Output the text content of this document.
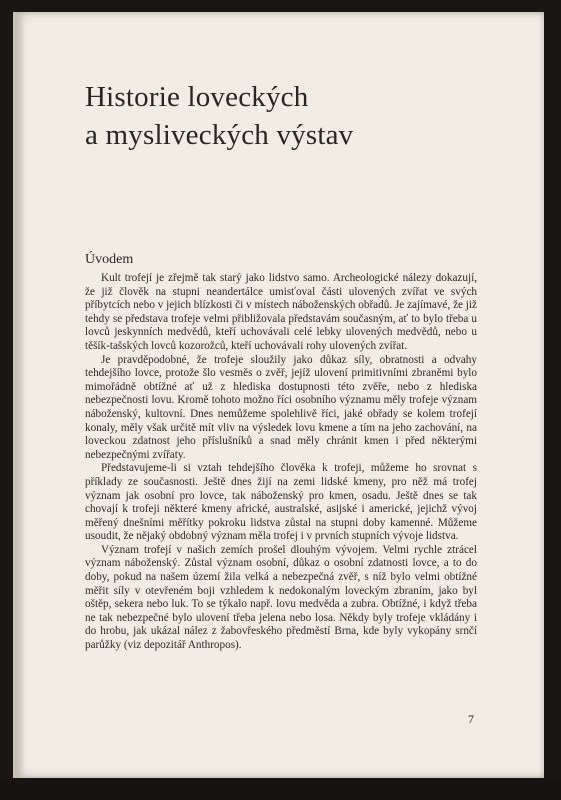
Historie loveckých
a mysliveckých výstav
Úvodem

Kult trofejí je zřejmě tak starý jako lidstvo samo. Archeologické nálezy dokazují, že již člověk na stupni neandertálce umisťoval části ulovených zvířat ve svých příbytcích nebo v jejich blízkosti či v místech náboženských obřadů. Je zajímavé, že již tehdy se představa trofeje velmi přibližovala představám současným, ať to bylo třeba u lovců jeskynních medvědů, kteří uchovávali celé lebky ulovených medvědů, nebo u těšík-tašských lovců kozorožců, kteří uchovávali rohy ulovených zvířat.

Je pravděpodobné, že trofeje sloužily jako důkaz síly, obratnosti a odvahy tehdejšího lovce, protože šlo vesměs o zvěř, jejíž ulovení primitivními zbraněmi bylo mimořádně obtížné ať už z hlediska dostupnosti této zvěře, nebo z hlediska nebezpečnosti lovu. Kromě tohoto možno říci osobního významu měly trofeje význam náboženský, kultovní. Dnes nemůžeme spolehlivě říci, jaké obřady se kolem trofejí konaly, měly však určitě mít vliv na výsledek lovu kmene a tím na jeho zachování, na loveckou zdatnost jeho příslušníků a snad měly chránit kmen i před některými nebezpečnými zvířaty.

Představujeme-li si vztah tehdejšího člověka k trofeji, můžeme ho srovnat s příklady ze současnosti. Ještě dnes žijí na zemi lidské kmeny, pro něž má trofej význam jak osobní pro lovce, tak náboženský pro kmen, osadu. Ještě dnes se tak chovají k trofeji některé kmeny africké, australské, asijské i americké, jejichž vývoj měřený dnešními měřítky pokroku lidstva zůstal na stupni doby kamenné. Můžeme usoudit, že nějaký obdobný význam měla trofej i v prvních stupních vývoje lidstva.

Význam trofejí v našich zemích prošel dlouhým vývojem. Velmi rychle ztrácel význam náboženský. Zůstal význam osobní, důkaz o osobní zdatnosti lovce, a to do doby, pokud na našem území žila velká a nebezpečná zvěř, s níž bylo velmi obtížné měřit síly v otevřeném boji vzhledem k nedokonalým loveckým zbraním, jako byl oštěp, sekera nebo luk. To se týkalo např. lovu medvěda a zubra. Obtížné, i když třeba ne tak nebezpečné bylo ulovení třeba jelena nebo losa. Někdy byly trofeje vkládány i do hrobu, jak ukázal nález z žabovřeského předměstí Brna, kde byly vykopány srnčí parůžky (viz depozitář Anthropos).

7
